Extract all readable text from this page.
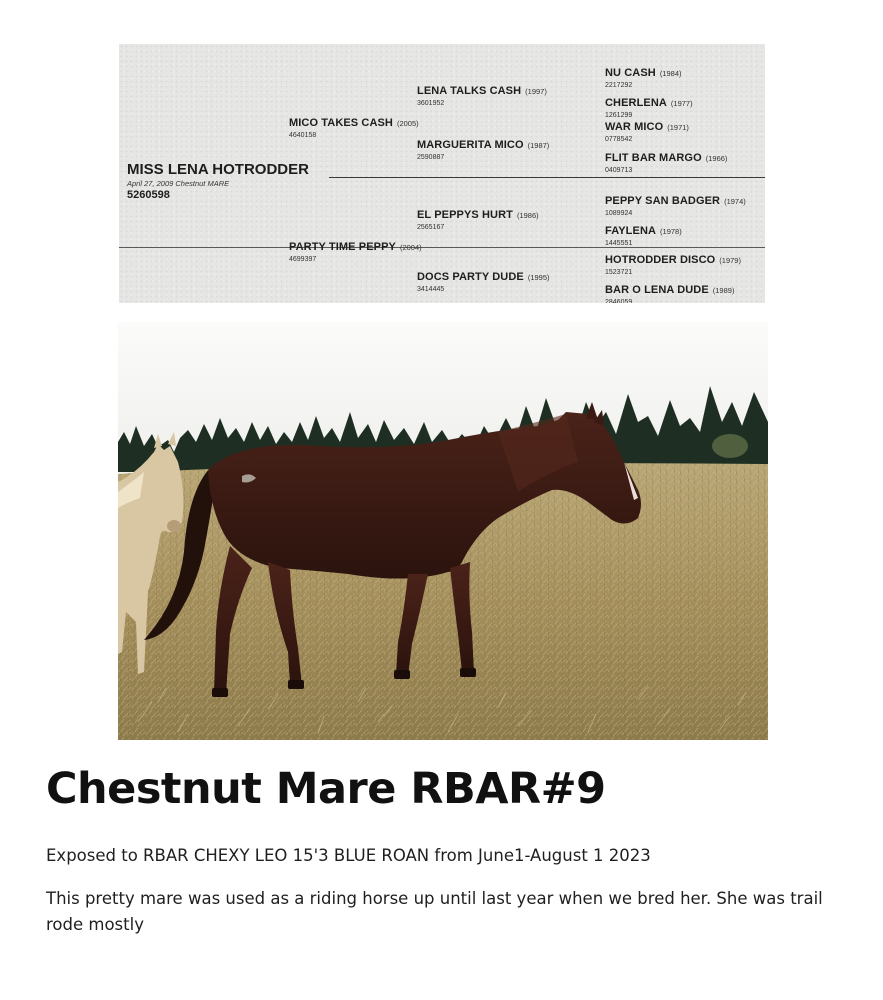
MISS LENA HOTRODDER
April 27, 2009 Chestnut MARE
5260598
MICO TAKES CASH (2005)
4640158
PARTY TIME PEPPY (2004)
4699397
LENA TALKS CASH (1997)
3601952
MARGUERITA MICO (1987)
2590887
EL PEPPYS HURT (1986)
2565167
DOCS PARTY DUDE (1995)
3414445
NU CASH (1984)
2217292
CHERLENA (1977)
1261299
WAR MICO (1971)
0778542
FLIT BAR MARGO (1966)
0409713
PEPPY SAN BADGER (1974)
1089924
FAYLENA (1978)
1445551
HOTRODDER DISCO (1979)
1523721
BAR O LENA DUDE (1989)
2846059
Chestnut Mare RBAR#9

Exposed to RBAR CHEXY LEO 15'3 BLUE ROAN from June1-August 1 2023

This pretty mare was used as a riding horse up until last year when we bred her. She was trail rode mostly
